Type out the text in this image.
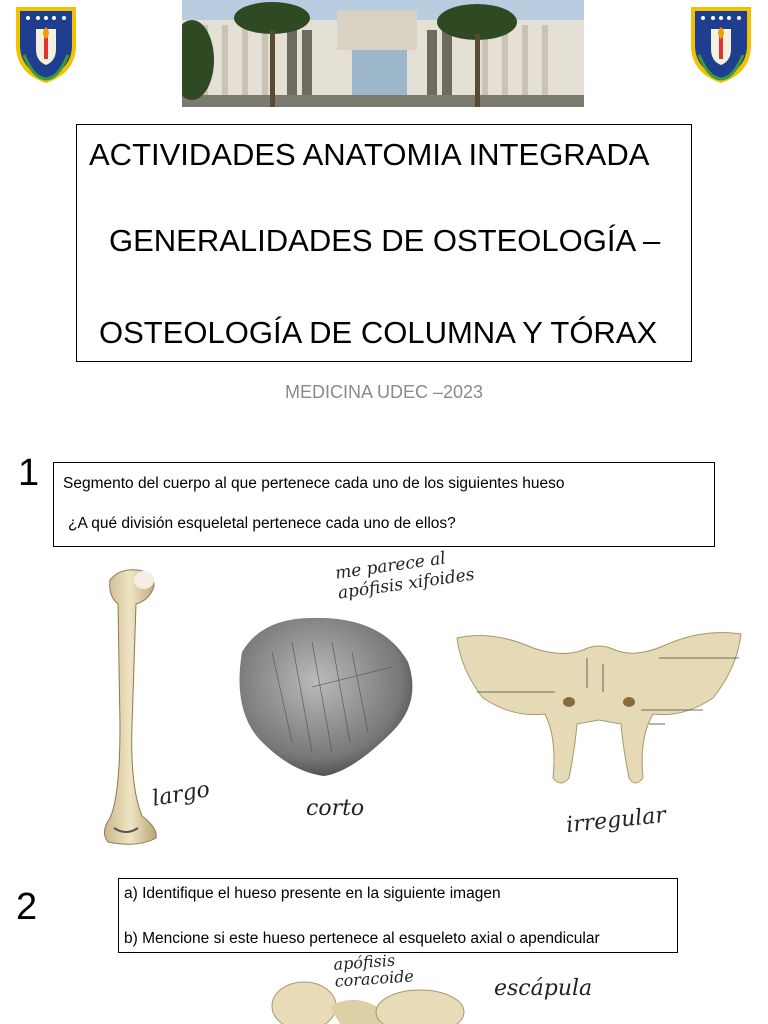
ACTIVIDADES ANATOMIA INTEGRADA
GENERALIDADES DE OSTEOLOGÍA –
OSTEOLOGÍA DE COLUMNA Y TÓRAX
MEDICINA UDEC –2023
1 Segmento del cuerpo al que pertenece cada uno de los siguientes hueso
¿A qué división esqueletal pertenece cada uno de ellos?
largo	corto
me parece al apófisis xifoides
irregular
2	a) Identifique el hueso presente en la siguiente imagen
b) Mencione si este hueso pertenece al esqueleto axial o apendicular
apófisis coracoide	escápula
